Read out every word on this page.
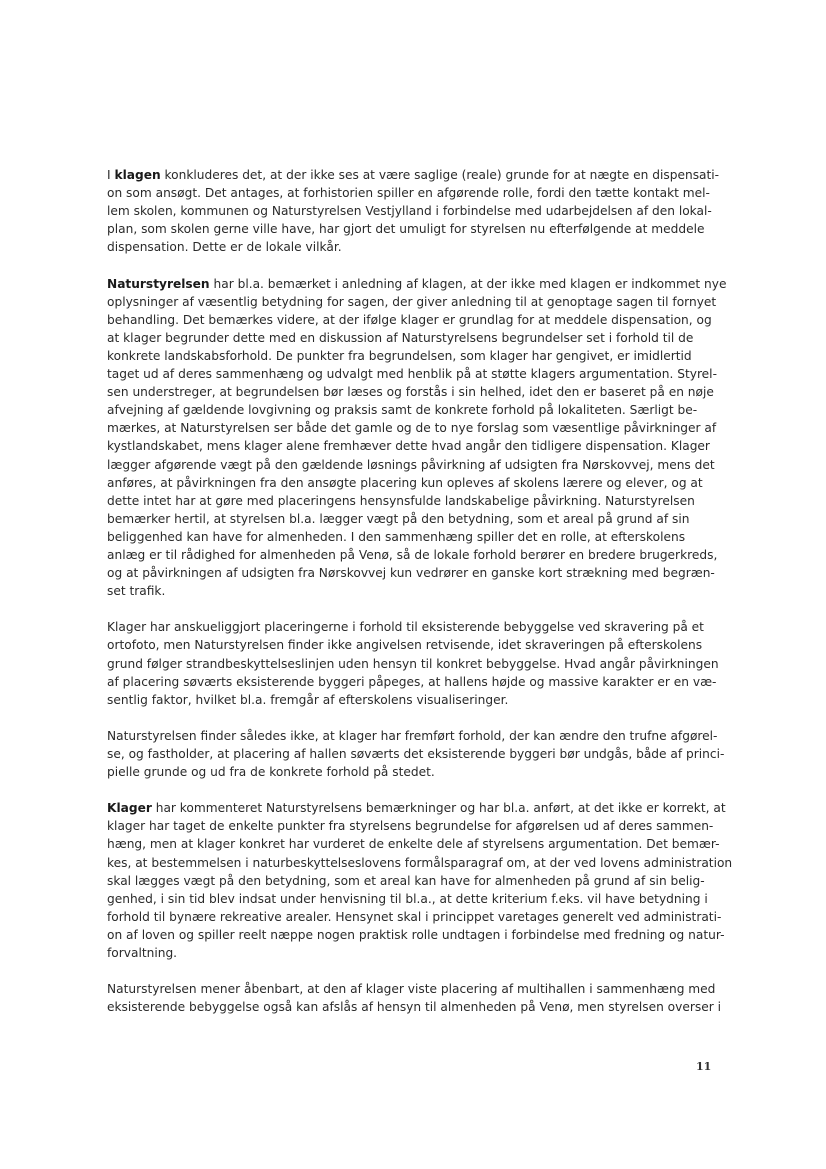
I klagen konkluderes det, at der ikke ses at være saglige (reale) grunde for at nægte en dispensati-
on som ansøgt. Det antages, at forhistorien spiller en afgørende rolle, fordi den tætte kontakt mel-
lem skolen, kommunen og Naturstyrelsen Vestjylland i forbindelse med udarbejdelsen af den lokal-
plan, som skolen gerne ville have, har gjort det umuligt for styrelsen nu efterfølgende at meddele
dispensation. Dette er de lokale vilkår.
Naturstyrelsen har bl.a. bemærket i anledning af klagen, at der ikke med klagen er indkommet nye
oplysninger af væsentlig betydning for sagen, der giver anledning til at genoptage sagen til fornyet
behandling. Det bemærkes videre, at der ifølge klager er grundlag for at meddele dispensation, og
at klager begrunder dette med en diskussion af Naturstyrelsens begrundelser set i forhold til de
konkrete landskabsforhold. De punkter fra begrundelsen, som klager har gengivet, er imidlertid
taget ud af deres sammenhæng og udvalgt med henblik på at støtte klagers argumentation. Styrel-
sen understreger, at begrundelsen bør læses og forstås i sin helhed, idet den er baseret på en nøje
afvejning af gældende lovgivning og praksis samt de konkrete forhold på lokaliteten. Særligt be-
mærkes, at Naturstyrelsen ser både det gamle og de to nye forslag som væsentlige påvirkninger af
kystlandskabet, mens klager alene fremhæver dette hvad angår den tidligere dispensation. Klager
lægger afgørende vægt på den gældende løsnings påvirkning af udsigten fra Nørskovvej, mens det
anføres, at påvirkningen fra den ansøgte placering kun opleves af skolens lærere og elever, og at
dette intet har at gøre med placeringens hensynsfulde landskabelige påvirkning. Naturstyrelsen
bemærker hertil, at styrelsen bl.a. lægger vægt på den betydning, som et areal på grund af sin
beliggenhed kan have for almenheden. I den sammenhæng spiller det en rolle, at efterskolens
anlæg er til rådighed for almenheden på Venø, så de lokale forhold berører en bredere brugerkreds,
og at påvirkningen af udsigten fra Nørskovvej kun vedrører en ganske kort strækning med begræn-
set trafik.
Klager har anskueliggjort placeringerne i forhold til eksisterende bebyggelse ved skravering på et
ortofoto, men Naturstyrelsen finder ikke angivelsen retvisende, idet skraveringen på efterskolens
grund følger strandbeskyttelseslinjen uden hensyn til konkret bebyggelse. Hvad angår påvirkningen
af placering søværts eksisterende byggeri påpeges, at hallens højde og massive karakter er en væ-
sentlig faktor, hvilket bl.a. fremgår af efterskolens visualiseringer.
Naturstyrelsen finder således ikke, at klager har fremført forhold, der kan ændre den trufne afgørel-
se, og fastholder, at placering af hallen søværts det eksisterende byggeri bør undgås, både af princi-
pielle grunde og ud fra de konkrete forhold på stedet.
Klager har kommenteret Naturstyrelsens bemærkninger og har bl.a. anført, at det ikke er korrekt, at
klager har taget de enkelte punkter fra styrelsens begrundelse for afgørelsen ud af deres sammen-
hæng, men at klager konkret har vurderet de enkelte dele af styrelsens argumentation. Det bemær-
kes, at bestemmelsen i naturbeskyttelseslovens formålsparagraf om, at der ved lovens administration
skal lægges vægt på den betydning, som et areal kan have for almenheden på grund af sin belig-
genhed, i sin tid blev indsat under henvisning til bl.a., at dette kriterium f.eks. vil have betydning i
forhold til bynære rekreative arealer. Hensynet skal i princippet varetages generelt ved administrati-
on af loven og spiller reelt næppe nogen praktisk rolle undtagen i forbindelse med fredning og natur-
forvaltning.
Naturstyrelsen mener åbenbart, at den af klager viste placering af multihallen i sammenhæng med
eksisterende bebyggelse også kan afslås af hensyn til almenheden på Venø, men styrelsen overser i
11
